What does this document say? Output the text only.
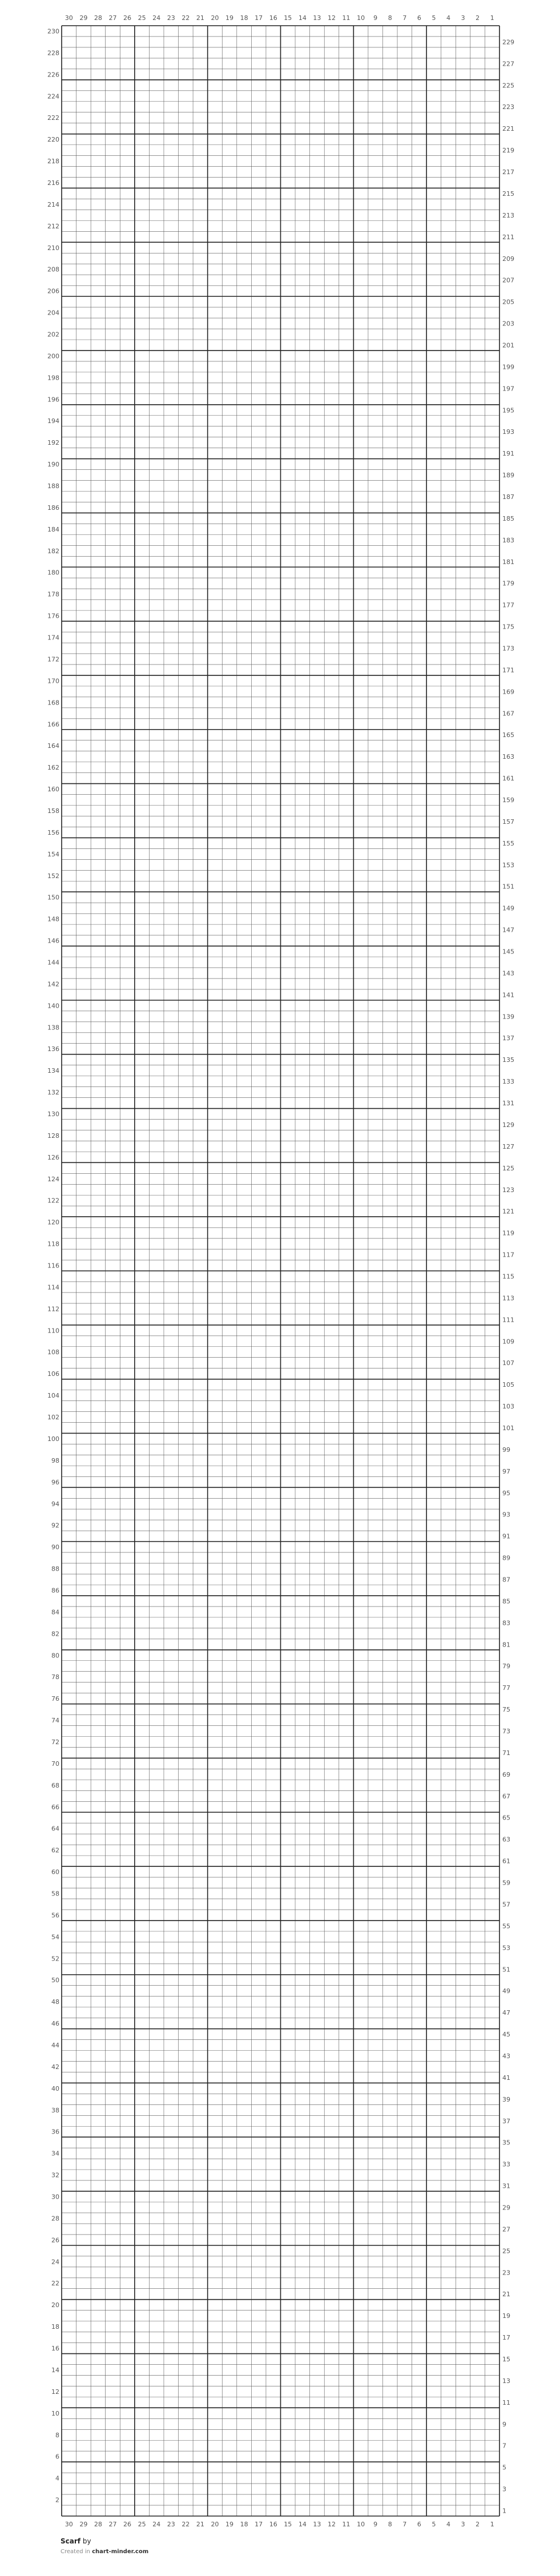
1
2
3
4
5
6
7
8
9
10
11
12
13
14
15
16
17
18
19
20
21
22
23
24
25
26
27
28
29
30
1
2
3
4
5
6
7
8
9
10
11
12
13
14
15
16
17
18
19
20
21
22
23
24
25
26
27
28
29
30
2
4
6
8
10
12
14
16
18
20
22
24
26
28
30
32
34
36
38
40
42
44
46
48
50
52
54
56
58
60
62
64
66
68
70
72
74
76
78
80
82
84
86
88
90
92
94
96
98
100
102
104
106
108
110
112
114
116
118
120
122
124
126
128
130
132
134
136
138
140
142
144
146
148
150
152
154
156
158
160
162
164
166
168
170
172
174
176
178
180
182
184
186
188
190
192
194
196
198
200
202
204
206
208
210
212
214
216
218
220
222
224
226
228
230
1
3
5
7
9
11
13
15
17
19
21
23
25
27
29
31
33
35
37
39
41
43
45
47
49
51
53
55
57
59
61
63
65
67
69
71
73
75
77
79
81
83
85
87
89
91
93
95
97
99
101
103
105
107
109
111
113
115
117
119
121
123
125
127
129
131
133
135
137
139
141
143
145
147
149
151
153
155
157
159
161
163
165
167
169
171
173
175
177
179
181
183
185
187
189
191
193
195
197
199
201
203
205
207
209
211
213
215
217
219
221
223
225
227
229
Scarf by
Created in chart-minder.com
